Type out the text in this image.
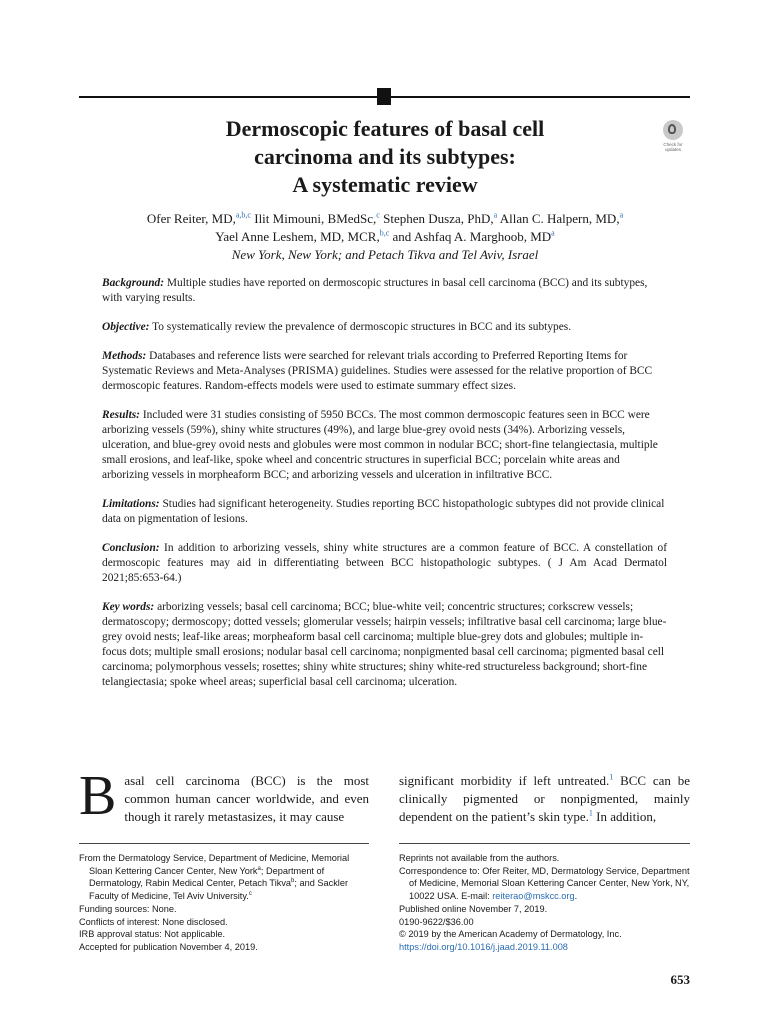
Check for updates
Dermoscopic features of basal cell
carcinoma and its subtypes:
A systematic review
Ofer Reiter, MD,$^{a,b,c}$ Ilit Mimouni, BMedSc,$^c$ Stephen Dusza, PhD,$^a$ Allan C. Halpern, MD,$^a$
Yael Anne Leshem, MD, MCR,$^{b,c}$ and Ashfaq A. Marghoob, $MD^a$
New York, New York; and Petach Tikva and Tel Aviv, Israel

Background: Multiple studies have reported on dermoscopic structures in basal cell carcinoma (BCC) and its subtypes, with varying results.

Objective: To systematically review the prevalence of dermoscopic structures in BCC and its subtypes.

Methods: Databases and reference lists were searched for relevant trials according to Preferred Reporting Items for Systematic Reviews and Meta-Analyses (PRISMA) guidelines. Studies were assessed for the relative proportion of BCC dermoscopic features. Random-effects models were used to estimate summary effect sizes.

Results: Included were 31 studies consisting of 5950 BCCs. The most common dermoscopic features seen in BCC were arborizing vessels (59%), shiny white structures (49%), and large blue-grey ovoid nests (34%). Arborizing vessels, ulceration, and blue-grey ovoid nests and globules were most common in nodular BCC; short-fine telangiectasia, multiple small erosions, and leaf-like, spoke wheel and concentric structures in superficial BCC; porcelain white areas and arborizing vessels in morpheaform BCC; and arborizing vessels and ulceration in infiltrative BCC.

Limitations: Studies had significant heterogeneity. Studies reporting BCC histopathologic subtypes did not provide clinical data on pigmentation of lesions.

Conclusion: In addition to arborizing vessels, shiny white structures are a common feature of BCC. A constellation of dermoscopic features may aid in differentiating between BCC histopathologic subtypes. ( J Am Acad Dermatol 2021;85:653-64.)

Key words: arborizing vessels; basal cell carcinoma; BCC; blue-white veil; concentric structures; corkscrew vessels; dermatoscopy; dermoscopy; dotted vessels; glomerular vessels; hairpin vessels; infiltrative basal cell carcinoma; large blue-grey ovoid nests; leaf-like areas; morpheaform basal cell carcinoma; multiple blue-grey dots and globules; multiple in-focus dots; multiple small erosions; nodular basal cell carcinoma; nonpigmented basal cell carcinoma; pigmented basal cell carcinoma; polymorphous vessels; rosettes; shiny white structures; shiny white-red structureless background; short-fine telangiectasia; spoke wheel areas; superficial basal cell carcinoma; ulceration.

Basal cell carcinoma (BCC) is the most common human cancer worldwide, and even though it rarely metastasizes, it may cause
significant morbidity if left untreated.$^1$ BCC can be clinically pigmented or nonpigmented, mainly dependent on the patient’s skin type.$^1$ In addition,
From the Dermatology Service, Department of Medicine, Memorial Sloan Kettering Cancer Center, New York$^a$; Department of Dermatology, Rabin Medical Center, Petach Tikva$^b$; and Sackler Faculty of Medicine, Tel Aviv University.$^c$
Funding sources: None.
Conflicts of interest: None disclosed.
IRB approval status: Not applicable.
Accepted for publication November 4, 2019.
Reprints not available from the authors.
Correspondence to: Ofer Reiter, MD, Dermatology Service, Department of Medicine, Memorial Sloan Kettering Cancer Center, New York, NY, 10022 USA. E-mail: reiterao@mskcc.org.
Published online November 7, 2019.
0190-9622/$36.00
© 2019 by the American Academy of Dermatology, Inc.
https://doi.org/10.1016/j.jaad.2019.11.008
653
